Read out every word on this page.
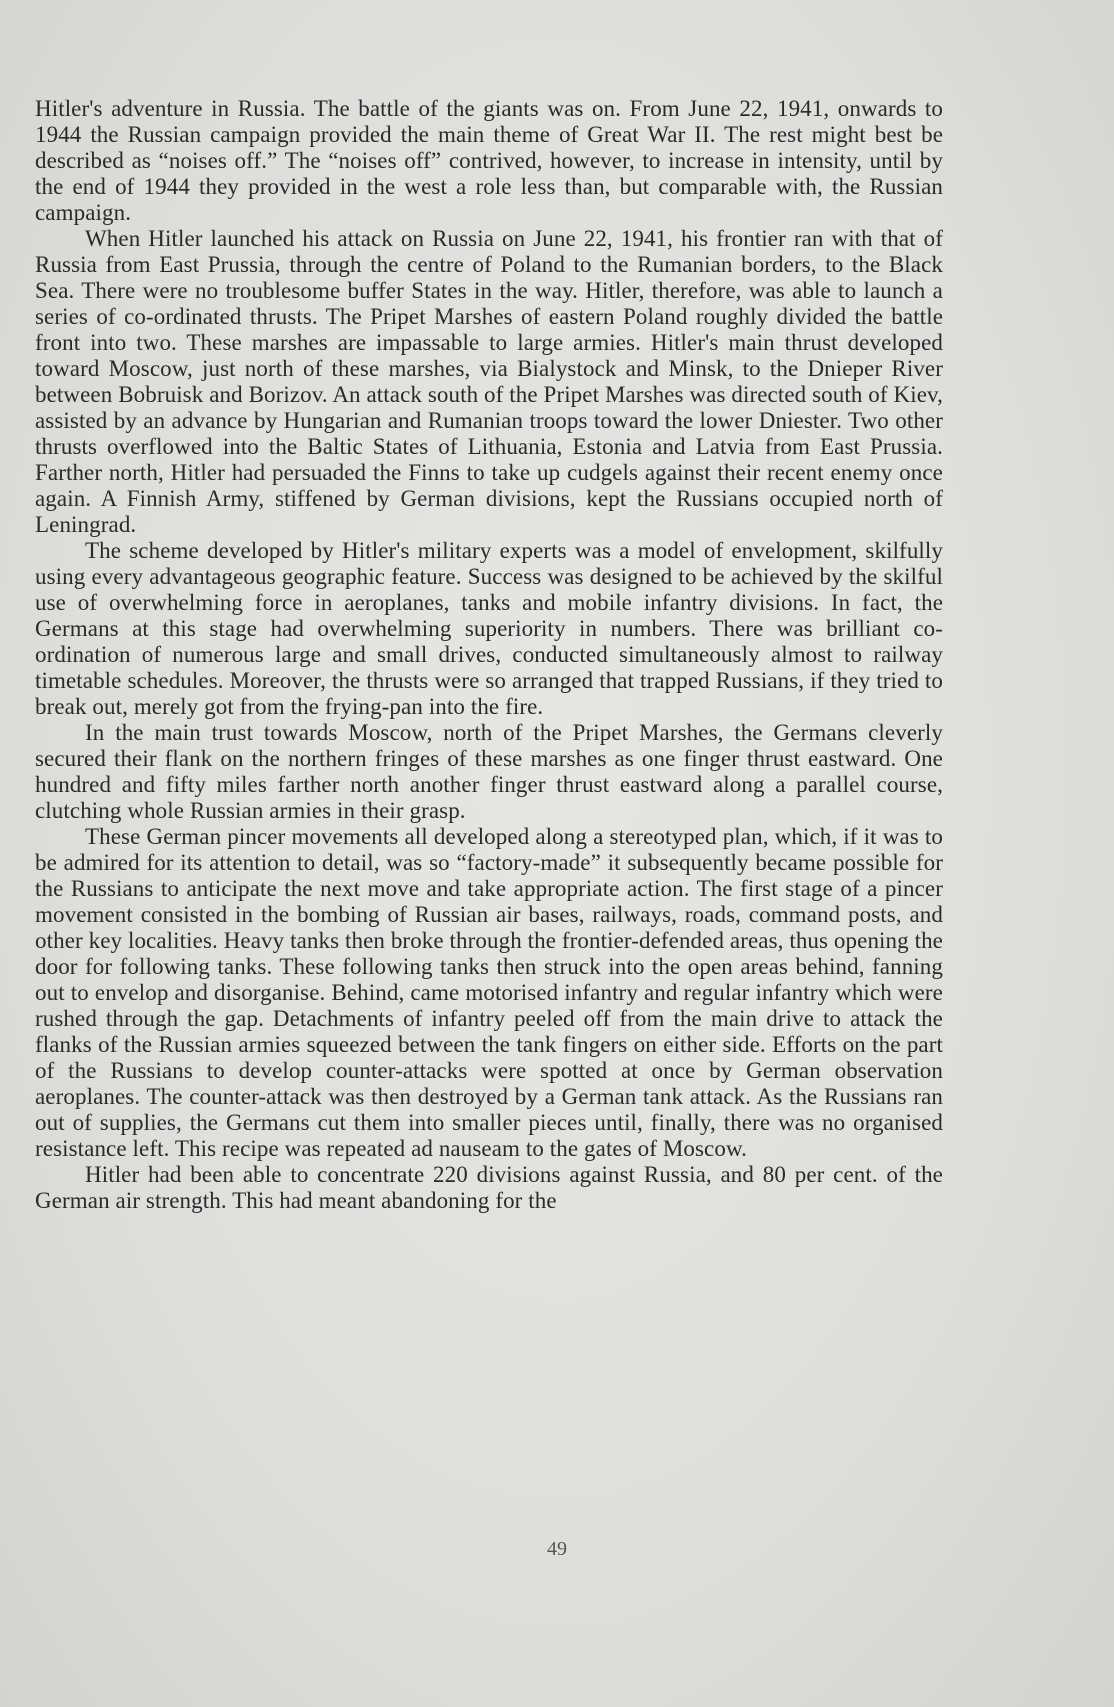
Hitler's adventure in Russia. The battle of the giants was on. From June 22, 1941, onwards to 1944 the Russian campaign provided the main theme of Great War II. The rest might best be described as “noises off.” The “noises off” contrived, however, to increase in intensity, until by the end of 1944 they provided in the west a role less than, but comparable with, the Russian campaign.

When Hitler launched his attack on Russia on June 22, 1941, his frontier ran with that of Russia from East Prussia, through the centre of Poland to the Rumanian borders, to the Black Sea. There were no troublesome buffer States in the way. Hitler, therefore, was able to launch a series of co-ordinated thrusts. The Pripet Marshes of eastern Poland roughly divided the battle front into two. These marshes are impassable to large armies. Hitler's main thrust developed toward Moscow, just north of these marshes, via Bialystock and Minsk, to the Dnieper River between Bobruisk and Borizov. An attack south of the Pripet Marshes was directed south of Kiev, assisted by an advance by Hungarian and Rumanian troops toward the lower Dniester. Two other thrusts overflowed into the Baltic States of Lithuania, Estonia and Latvia from East Prussia. Farther north, Hitler had persuaded the Finns to take up cudgels against their recent enemy once again. A Finnish Army, stiffened by German divisions, kept the Russians occupied north of Leningrad.

The scheme developed by Hitler's military experts was a model of envelopment, skilfully using every advantageous geographic feature. Success was designed to be achieved by the skilful use of overwhelming force in aeroplanes, tanks and mobile infantry divisions. In fact, the Germans at this stage had overwhelming superiority in numbers. There was brilliant co-ordination of numerous large and small drives, conducted simultaneously almost to railway timetable schedules. Moreover, the thrusts were so arranged that trapped Russians, if they tried to break out, merely got from the frying-pan into the fire.

In the main trust towards Moscow, north of the Pripet Marshes, the Germans cleverly secured their flank on the northern fringes of these marshes as one finger thrust eastward. One hundred and fifty miles farther north another finger thrust eastward along a parallel course, clutching whole Russian armies in their grasp.

These German pincer movements all developed along a stereotyped plan, which, if it was to be admired for its attention to detail, was so “factory-made” it subsequently became possible for the Russians to anticipate the next move and take appropriate action. The first stage of a pincer movement consisted in the bombing of Russian air bases, railways, roads, command posts, and other key localities. Heavy tanks then broke through the frontier-defended areas, thus opening the door for following tanks. These following tanks then struck into the open areas behind, fanning out to envelop and disorganise. Behind, came motorised infantry and regular infantry which were rushed through the gap. Detachments of infantry peeled off from the main drive to attack the flanks of the Russian armies squeezed between the tank fingers on either side. Efforts on the part of the Russians to develop counter-attacks were spotted at once by German observation aeroplanes. The counter-attack was then destroyed by a German tank attack. As the Russians ran out of supplies, the Germans cut them into smaller pieces until, finally, there was no organised resistance left. This recipe was repeated ad nauseam to the gates of Moscow.

Hitler had been able to concentrate 220 divisions against Russia, and 80 per cent. of the German air strength. This had meant abandoning for the

49
